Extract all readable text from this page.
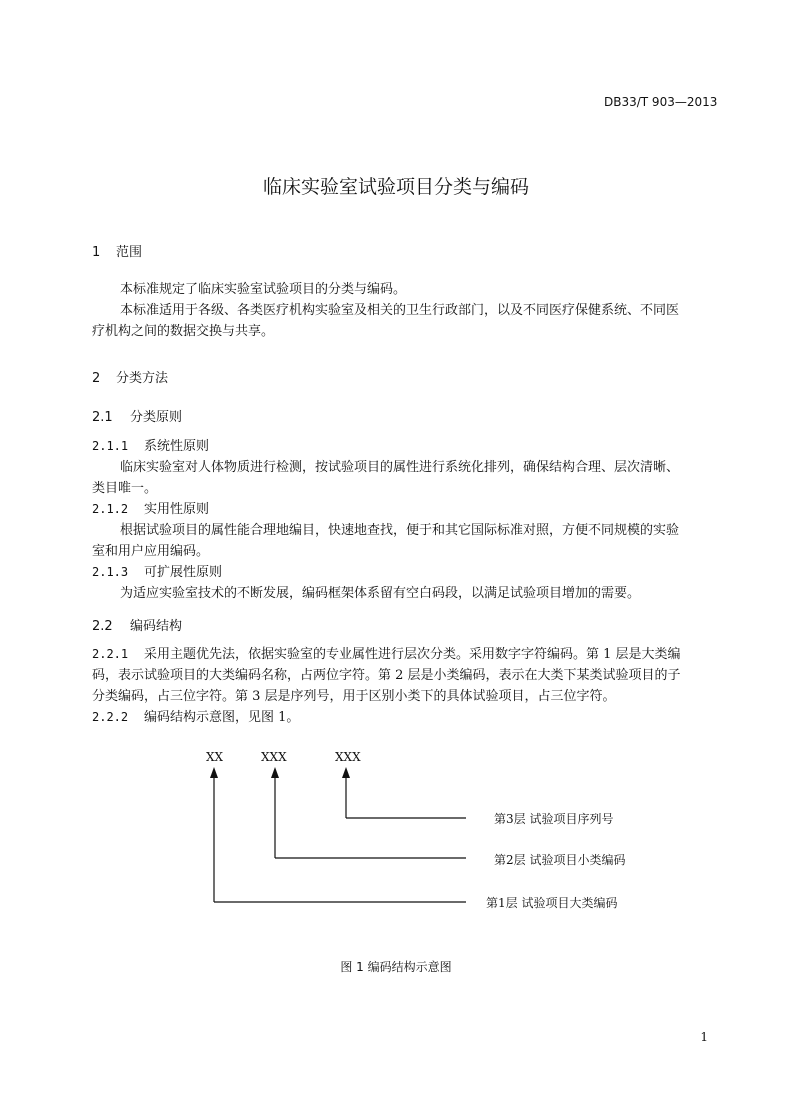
DB33/T 903—2013
临床实验室试验项目分类与编码
1 范围
本标准规定了临床实验室试验项目的分类与编码。
本标准适用于各级、各类医疗机构实验室及相关的卫生行政部门，以及不同医疗保健系统、不同医
疗机构之间的数据交换与共享。
2 分类方法
2.1 分类原则
2.1.1 系统性原则
临床实验室对人体物质进行检测，按试验项目的属性进行系统化排列，确保结构合理、层次清晰、
类目唯一。
2.1.2 实用性原则
根据试验项目的属性能合理地编目，快速地查找，便于和其它国际标准对照，方便不同规模的实验
室和用户应用编码。
2.1.3 可扩展性原则
为适应实验室技术的不断发展，编码框架体系留有空白码段，以满足试验项目增加的需要。
2.2 编码结构
2.2.1 采用主题优先法，依据实验室的专业属性进行层次分类。采用数字字符编码。第 1 层是大类编
码，表示试验项目的大类编码名称，占两位字符。第 2 层是小类编码，表示在大类下某类试验项目的子
分类编码，占三位字符。第 3 层是序列号，用于区别小类下的具体试验项目，占三位字符。
2.2.2 编码结构示意图，见图 1。
XX	XXX	XXX
第3层 试验项目序列号
第2层 试验项目小类编码
第1层 试验项目大类编码
图 1 编码结构示意图
1
